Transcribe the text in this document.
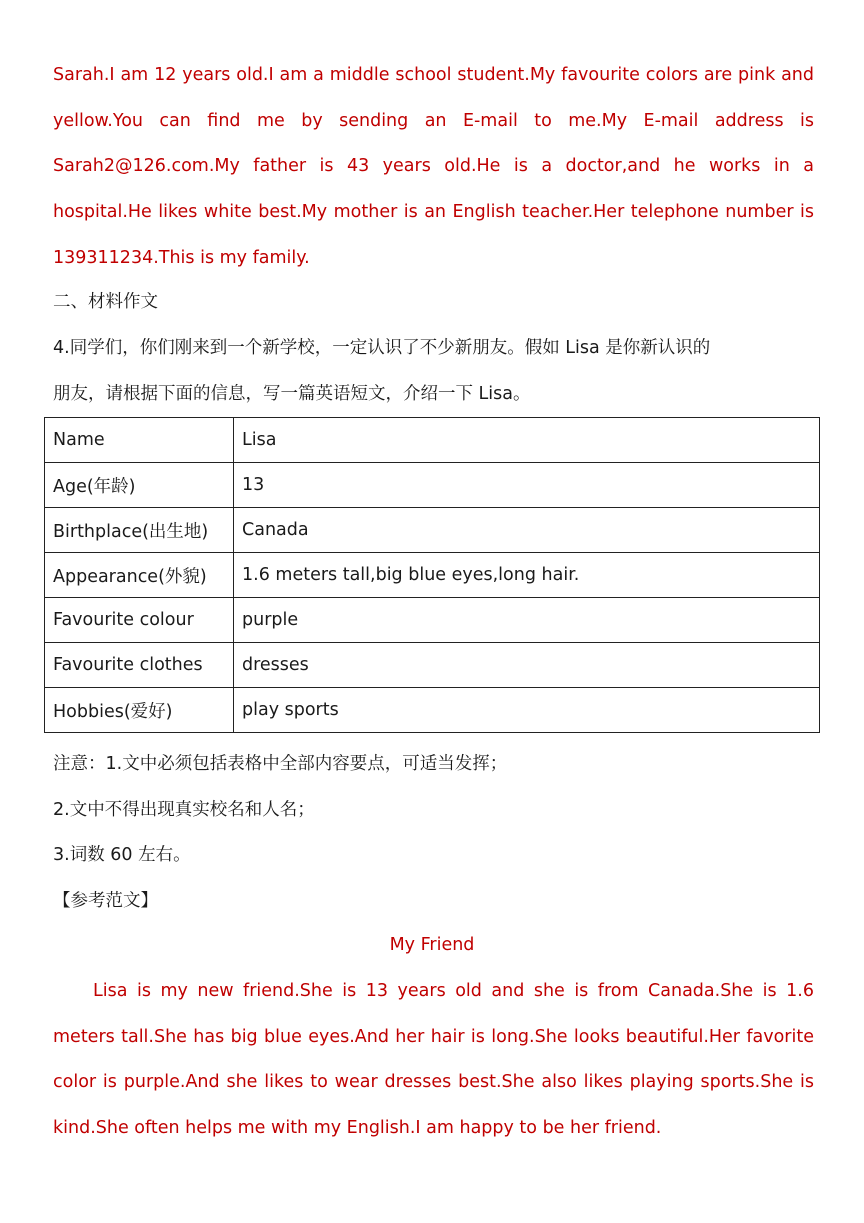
Sarah.I am 12 years old.I am a middle school student.My favourite colors are pink and yellow.You can find me by sending an E-mail to me.My E-mail address is Sarah2@126.com.My father is 43 years old.He is a doctor,and he works in a hospital.He likes white best.My mother is an English teacher.Her telephone number is 139311234.This is my family.
二、材料作文
4.同学们，你们刚来到一个新学校，一定认识了不少新朋友。假如 Lisa 是你新认识的
朋友，请根据下面的信息，写一篇英语短文，介绍一下 Lisa。
Name	Lisa
Age(年龄)	13
Birthplace(出生地)	Canada
Appearance(外貌)	1.6 meters tall,big blue eyes,long hair.
Favourite colour	purple
Favourite clothes	dresses
Hobbies(爱好)	play sports
注意：1.文中必须包括表格中全部内容要点，可适当发挥；
2.文中不得出现真实校名和人名；
3.词数 60 左右。
【参考范文】
My Friend
Lisa is my new friend.She is 13 years old and she is from Canada.She is 1.6 meters tall.She has big blue eyes.And her hair is long.She looks beautiful.Her favorite color is purple.And she likes to wear dresses best.She also likes playing sports.She is kind.She often helps me with my English.I am happy to be her friend.
